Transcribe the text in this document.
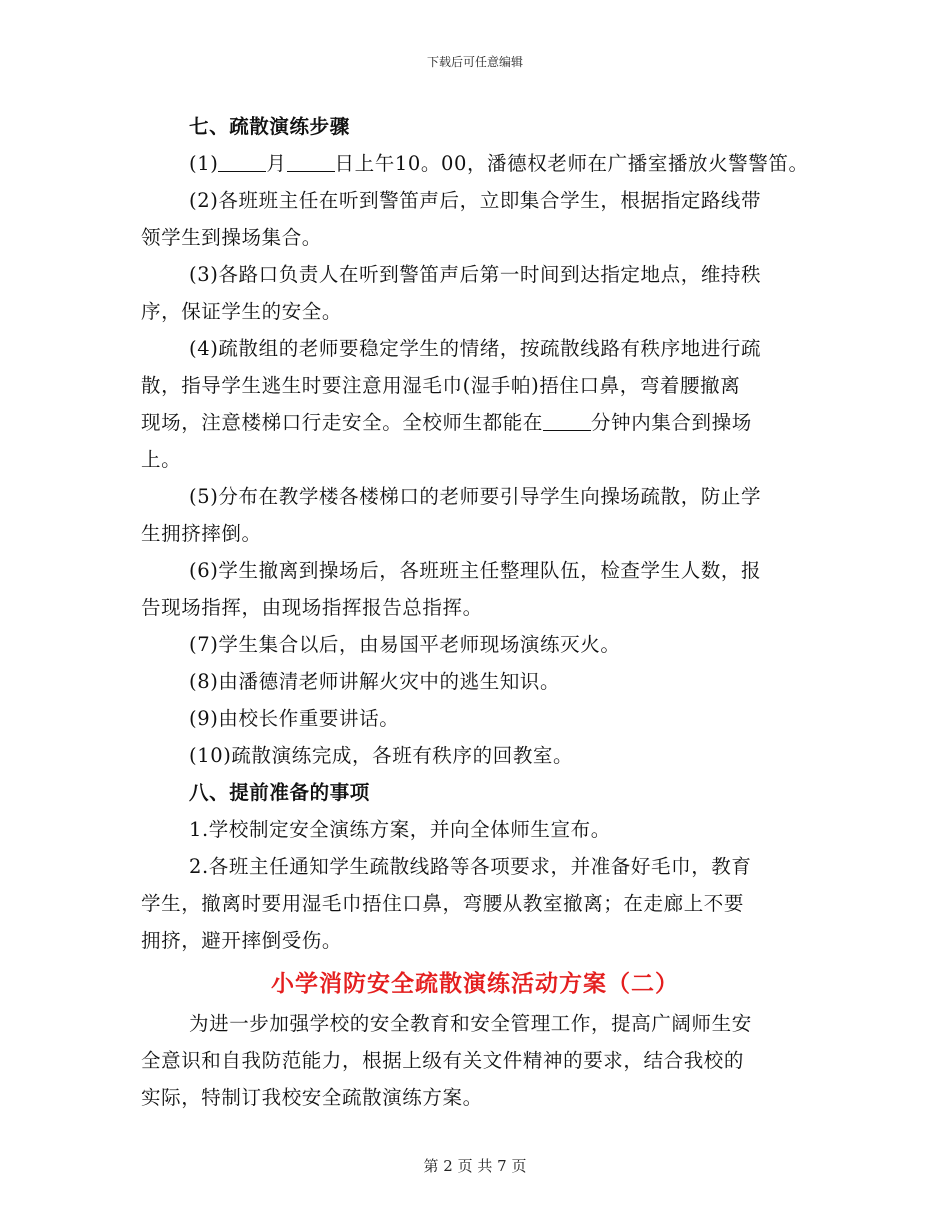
下载后可任意编辑
七、疏散演练步骤
(1) 月 日上午10。00，潘德权老师在广播室播放火警警笛。
(2)各班班主任在听到警笛声后，立即集合学生，根据指定路线带
领学生到操场集合。
(3)各路口负责人在听到警笛声后第一时间到达指定地点，维持秩
序，保证学生的安全。
(4)疏散组的老师要稳定学生的情绪，按疏散线路有秩序地进行疏
散，指导学生逃生时要注意用湿毛巾(湿手帕)捂住口鼻，弯着腰撤离
现场，注意楼梯口行走安全。全校师生都能在 分钟内集合到操场
上。
(5)分布在教学楼各楼梯口的老师要引导学生向操场疏散，防止学
生拥挤摔倒。
(6)学生撤离到操场后，各班班主任整理队伍，检查学生人数，报
告现场指挥，由现场指挥报告总指挥。
(7)学生集合以后，由易国平老师现场演练灭火。
(8)由潘德清老师讲解火灾中的逃生知识。
(9)由校长作重要讲话。
(10)疏散演练完成，各班有秩序的回教室。
八、提前准备的事项
1.学校制定安全演练方案，并向全体师生宣布。
2.各班主任通知学生疏散线路等各项要求，并准备好毛巾，教育
学生，撤离时要用湿毛巾捂住口鼻，弯腰从教室撤离；在走廊上不要
拥挤，避开摔倒受伤。
小学消防安全疏散演练活动方案（二）
为进一步加强学校的安全教育和安全管理工作，提高广阔师生安
全意识和自我防范能力，根据上级有关文件精神的要求，结合我校的
实际，特制订我校安全疏散演练方案。
第 2 页 共 7 页
